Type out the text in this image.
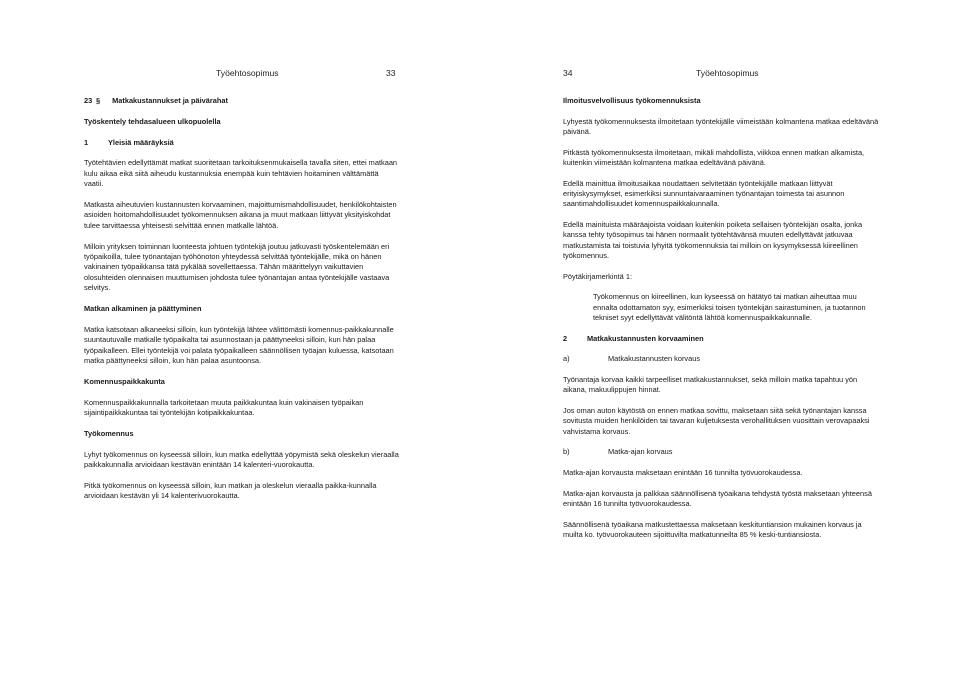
Työehtosopimus	33
23 § Matkakustannukset ja päivärahat
Työskentely tehdasalueen ulkopuolella
1	Yleisiä määräyksiä

Työtehtävien edellyttämät matkat suoritetaan tarkoituksenmukaisella tavalla siten, ettei matkaan kulu aikaa eikä siitä aiheudu kustannuksia enempää kuin tehtävien hoitaminen välttämättä vaatii.

Matkasta aiheutuvien kustannusten korvaaminen, majoittumismahdollisuudet, henkilökohtaisten asioiden hoitomahdollisuudet työkomennuksen aikana ja muut matkaan liittyvät yksityiskohdat tulee tarvittaessa yhteisesti selvittää ennen matkalle lähtöä.

Milloin yrityksen toiminnan luonteesta johtuen työntekijä joutuu jatkuvasti työskentelemään eri työpaikoilla, tulee työnantajan työhönoton yhteydessä selvittää työntekijälle, mikä on hänen vakinainen työpaikkansa tätä pykälää sovellettaessa. Tähän määrittelyyn vaikuttavien olosuhteiden olennaisen muuttumisen johdosta tulee työnantajan antaa työntekijälle vastaava selvitys.

Matkan alkaminen ja päättyminen

Matka katsotaan alkaneeksi silloin, kun työntekijä lähtee välittömästi komennus-paikkakunnalle suuntautuvalle matkalle työpaikalta tai asunnostaan ja päättyneeksi silloin, kun hän palaa työpaikalleen. Ellei työntekijä voi palata työpaikalleen säännöllisen työajan kuluessa, katsotaan matka päättyneeksi silloin, kun hän palaa asuntoonsa.

Komennuspaikkakunta

Komennuspaikkakunnalla tarkoitetaan muuta paikkakuntaa kuin vakinaisen työpaikan sijaintipaikkakuntaa tai työntekijän kotipaikkakuntaa.

Työkomennus

Lyhyt työkomennus on kyseessä silloin, kun matka edellyttää yöpymistä sekä oleskelun vieraalla paikkakunnalla arvioidaan kestävän enintään 14 kalenteri-vuorokautta.

Pitkä työkomennus on kyseessä silloin, kun matkan ja oleskelun vieraalla paikka-kunnalla arvioidaan kestävän yli 14 kalenterivuorokautta.

34	Työehtosopimus
Ilmoitusvelvollisuus työkomennuksista

Lyhyestä työkomennuksesta ilmoitetaan työntekijälle viimeistään kolmantena matkaa edeltävänä päivänä.

Pitkästä työkomennuksesta ilmoitetaan, mikäli mahdollista, viikkoa ennen matkan alkamista, kuitenkin viimeistään kolmantena matkaa edeltävänä päivänä.

Edellä mainittua ilmoitusaikaa noudattaen selvitetään työntekijälle matkaan liittyvät erityiskysymykset, esimerkiksi sunnuntaivaraaminen työnantajan toimesta tai asunnon saantimahdollisuudet komennuspaikkakunnalla.

Edellä mainituista määräajoista voidaan kuitenkin poiketa sellaisen työntekijän osalta, jonka kanssa tehty työsopimus tai hänen normaalit työtehtävänsä muuten edellyttävät jatkuvaa matkustamista tai toistuvia lyhyitä työkomennuksia tai milloin on kysymyksessä kiireellinen työkomennus.

Pöytäkirjamerkintä 1:

Työkomennus on kiireellinen, kun kyseessä on hätätyö tai matkan aiheuttaa muu ennalta odottamaton syy, esimerkiksi toisen työntekijän sairastuminen, ja tuotannon tekniset syyt edellyttävät välitöntä lähtöä komennuspaikkakunnalle.

2	Matkakustannusten korvaaminen

a)	Matkakustannusten korvaus

Työnantaja korvaa kaikki tarpeelliset matkakustannukset, sekä milloin matka tapahtuu yön aikana, makuulippujen hinnat.

Jos oman auton käytöstä on ennen matkaa sovittu, maksetaan siitä sekä työnantajan kanssa sovitusta muiden henkilöiden tai tavaran kuljetuksesta verohallituksen vuosittain verovapaaksi vahvistama korvaus.

b)	Matka-ajan korvaus

Matka-ajan korvausta maksetaan enintään 16 tunnilta työvuorokaudessa.

Matka-ajan korvausta ja palkkaa säännöllisenä työaikana tehdystä työstä maksetaan yhteensä enintään 16 tunnilta työvuorokaudessa.

Säännöllisenä työaikana matkustettaessa maksetaan keskituntiansion mukainen korvaus ja muilta ko. työvuorokauteen sijoittuvilta matkatunneilta 85 % keski-tuntiansiosta.
